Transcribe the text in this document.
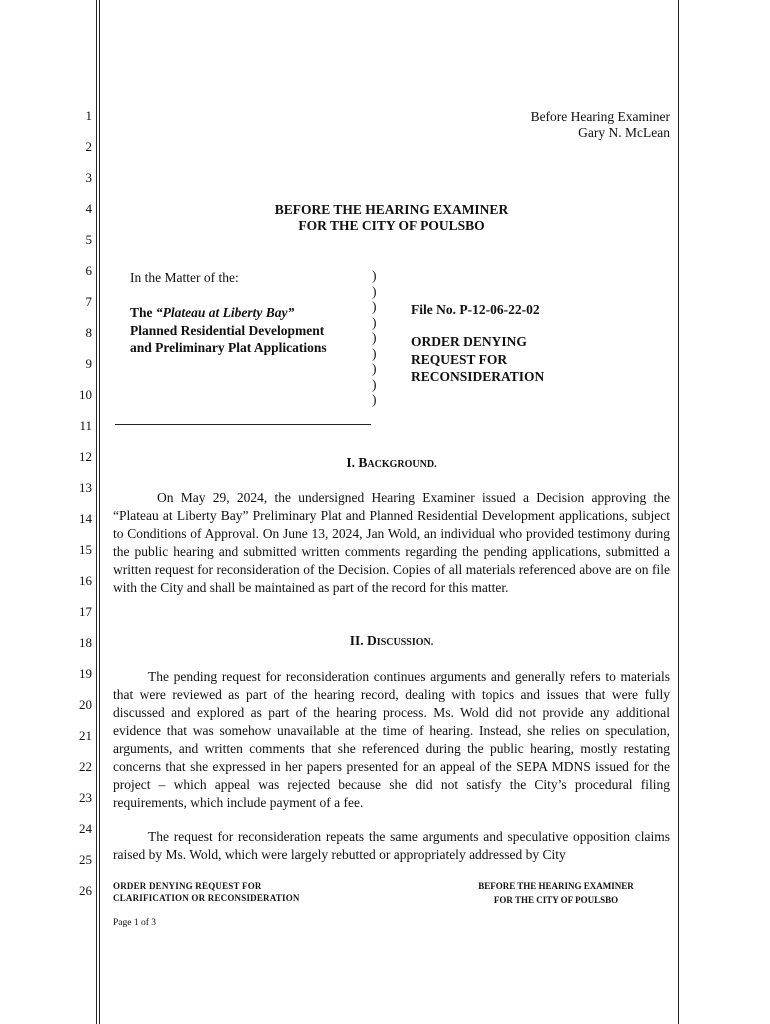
1
2
3
4
5
6
7
8
9
10
11
12
13
14
15
16
17
18
19
20
21
22
23
24
25
26
Before Hearing Examiner
Gary N. McLean
BEFORE THE HEARING EXAMINER
FOR THE CITY OF POULSBO
In the Matter of the:
The “Plateau at Liberty Bay”
Planned Residential Development
and Preliminary Plat Applications
)
)
)
)
)
)
)
)
)
File No. P-12-06-22-02
ORDER DENYING
REQUEST FOR
RECONSIDERATION
I. BACKGROUND.
On May 29, 2024, the undersigned Hearing Examiner issued a Decision approving the “Plateau at Liberty Bay” Preliminary Plat and Planned Residential Development applications, subject to Conditions of Approval. On June 13, 2024, Jan Wold, an individual who provided testimony during the public hearing and submitted written comments regarding the pending applications, submitted a written request for reconsideration of the Decision. Copies of all materials referenced above are on file with the City and shall be maintained as part of the record for this matter.
II. DISCUSSION.
The pending request for reconsideration continues arguments and generally refers to materials that were reviewed as part of the hearing record, dealing with topics and issues that were fully discussed and explored as part of the hearing process. Ms. Wold did not provide any additional evidence that was somehow unavailable at the time of hearing. Instead, she relies on speculation, arguments, and written comments that she referenced during the public hearing, mostly restating concerns that she expressed in her papers presented for an appeal of the SEPA MDNS issued for the project – which appeal was rejected because she did not satisfy the City’s procedural filing requirements, which include payment of a fee.
The request for reconsideration repeats the same arguments and speculative opposition claims raised by Ms. Wold, which were largely rebutted or appropriately addressed by City
ORDER DENYING REQUEST FOR
CLARIFICATION OR RECONSIDERATION
BEFORE THE HEARING EXAMINER
FOR THE CITY OF POULSBO
Page 1 of 3
